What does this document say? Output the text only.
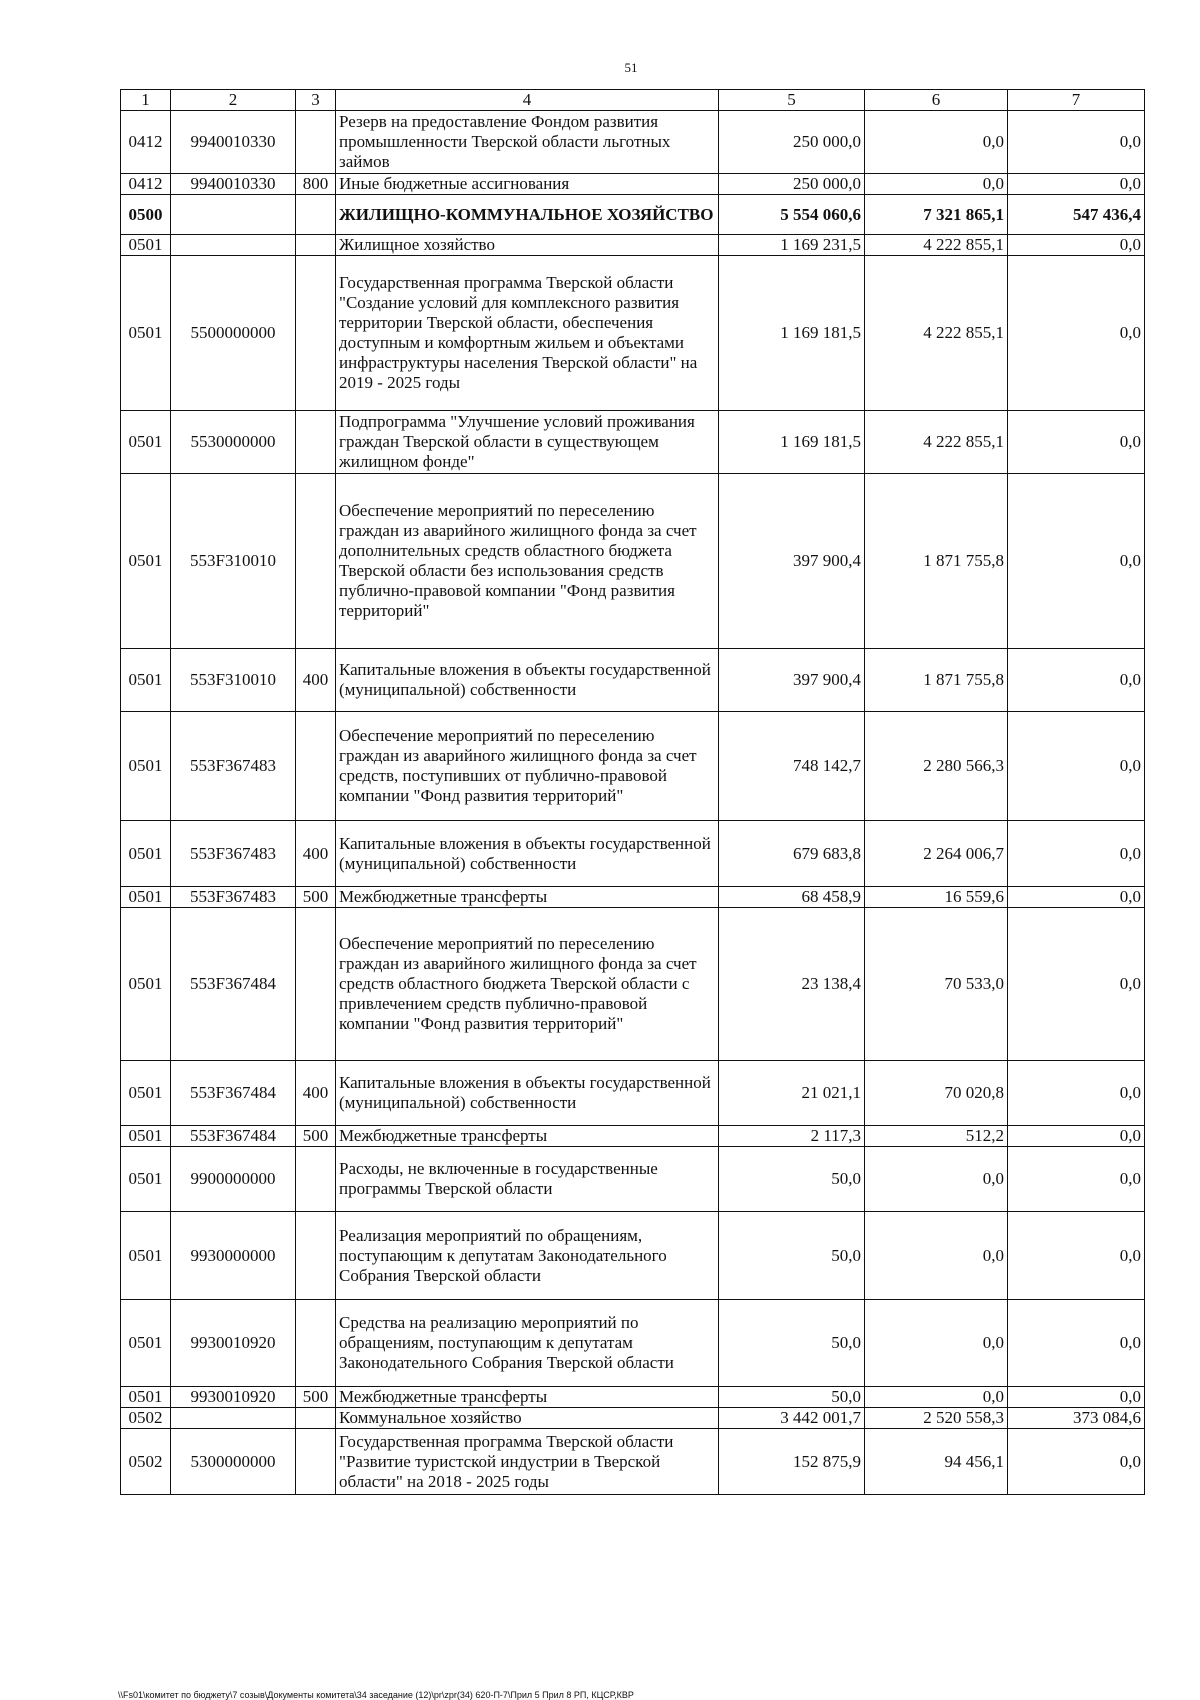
51
1	2	3	4	5	6	7
0412	9940010330		Резерв на предоставление Фондом развития промышленности Тверской области льготных займов	250 000,0	0,0	0,0
0412	9940010330	800	Иные бюджетные ассигнования	250 000,0	0,0	0,0
0500			ЖИЛИЩНО-КОММУНАЛЬНОЕ ХОЗЯЙСТВО	5 554 060,6	7 321 865,1	547 436,4
0501			Жилищное хозяйство	1 169 231,5	4 222 855,1	0,0
0501	5500000000		Государственная программа Тверской области "Создание условий для комплексного развития территории Тверской области, обеспечения доступным и комфортным жильем и объектами инфраструктуры населения Тверской области" на 2019 - 2025 годы	1 169 181,5	4 222 855,1	0,0
0501	5530000000		Подпрограмма "Улучшение условий проживания граждан Тверской области в существующем жилищном фонде"	1 169 181,5	4 222 855,1	0,0
0501	553F310010		Обеспечение мероприятий по переселению граждан из аварийного жилищного фонда за счет дополнительных средств областного бюджета Тверской области без использования средств публично-правовой компании "Фонд развития территорий"	397 900,4	1 871 755,8	0,0
0501	553F310010	400	Капитальные вложения в объекты государственной (муниципальной) собственности	397 900,4	1 871 755,8	0,0
0501	553F367483		Обеспечение мероприятий по переселению граждан из аварийного жилищного фонда за счет средств, поступивших от публично-правовой компании "Фонд развития территорий"	748 142,7	2 280 566,3	0,0
0501	553F367483	400	Капитальные вложения в объекты государственной (муниципальной) собственности	679 683,8	2 264 006,7	0,0
0501	553F367483	500	Межбюджетные трансферты	68 458,9	16 559,6	0,0
0501	553F367484		Обеспечение мероприятий по переселению граждан из аварийного жилищного фонда за счет средств областного бюджета Тверской области с привлечением средств публично-правовой компании "Фонд развития территорий"	23 138,4	70 533,0	0,0
0501	553F367484	400	Капитальные вложения в объекты государственной (муниципальной) собственности	21 021,1	70 020,8	0,0
0501	553F367484	500	Межбюджетные трансферты	2 117,3	512,2	0,0
0501	9900000000		Расходы, не включенные в государственные программы Тверской области	50,0	0,0	0,0
0501	9930000000		Реализация мероприятий по обращениям, поступающим к депутатам Законодательного Собрания Тверской области	50,0	0,0	0,0
0501	9930010920		Средства на реализацию мероприятий по обращениям, поступающим к депутатам Законодательного Собрания Тверской области	50,0	0,0	0,0
0501	9930010920	500	Межбюджетные трансферты	50,0	0,0	0,0
0502			Коммунальное хозяйство	3 442 001,7	2 520 558,3	373 084,6
0502	5300000000		Государственная программа Тверской области "Развитие туристской индустрии в Тверской области" на 2018 - 2025 годы	152 875,9	94 456,1	0,0
\\Fs01\комитет по бюджету\7 созыв\Документы комитета\34 заседание (12)\pr\zpr(34) 620-П-7\Прил 5 Прил 8 РП, КЦСР,КВР
